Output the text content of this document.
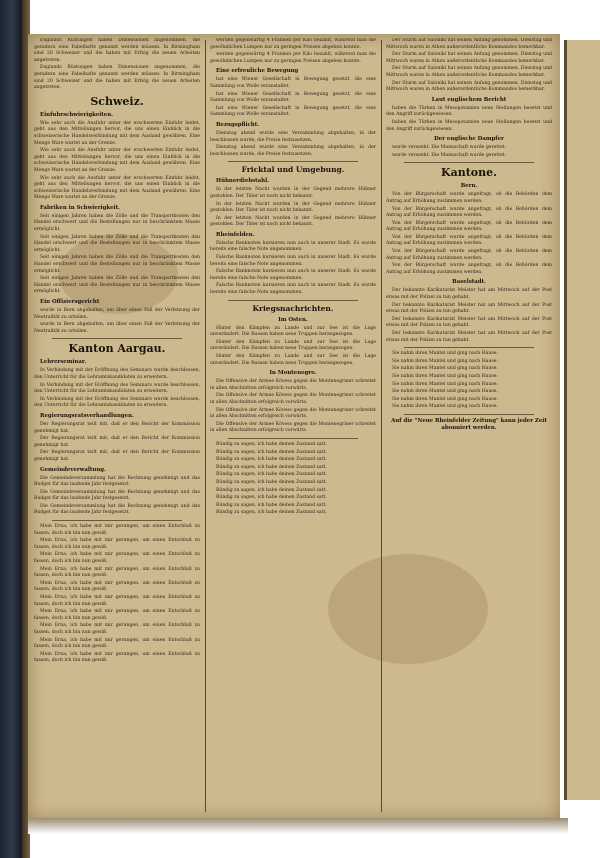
Englands Rüstungen haben Dimensionen angenommen, die geradezu eine Fabelhafte genannt werden müssen. In Birmingham sind 20 Schweizer und die haben mit Erfolg die neuen Arbeiten angetreten.

Englands Rüstungen haben Dimensionen angenommen, die geradezu eine Fabelhafte genannt werden müssen. In Birmingham sind 20 Schweizer und die haben mit Erfolg die neuen Arbeiten angetreten.

Schweiz.
Einfuhrschwierigkeiten.

Wie sehr auch die Ausfuhr unter der erschwerten Einfuhr leidet, geht aus den Mitteilungen hervor, die uns einen Einblick in die schweizerische Handelsverbindung mit dem Ausland gewähren. Eine Menge Ware wartet an der Grenze.

Wie sehr auch die Ausfuhr unter der erschwerten Einfuhr leidet, geht aus den Mitteilungen hervor, die uns einen Einblick in die schweizerische Handelsverbindung mit dem Ausland gewähren. Eine Menge Ware wartet an der Grenze.

Wie sehr auch die Ausfuhr unter der erschwerten Einfuhr leidet, geht aus den Mitteilungen hervor, die uns einen Einblick in die schweizerische Handelsverbindung mit dem Ausland gewähren. Eine Menge Ware wartet an der Grenze.

Fabriken in Schwierigkeit.

Seit einigen Jahren haben die Zölle und die Transportkosten den Handel erschwert und die Bestellungen nur in beschränktem Masse ermöglicht.

Seit einigen Jahren haben die Zölle und die Transportkosten den Handel erschwert und die Bestellungen nur in beschränktem Masse ermöglicht.

Seit einigen Jahren haben die Zölle und die Transportkosten den Handel erschwert und die Bestellungen nur in beschränktem Masse ermöglicht.

Seit einigen Jahren haben die Zölle und die Transportkosten den Handel erschwert und die Bestellungen nur in beschränktem Masse ermöglicht.

Ein Offiziersgericht

wurde in Bern abgehalten, um über einen Fall der Verletzung der Neutralität zu urteilen.

wurde in Bern abgehalten, um über einen Fall der Verletzung der Neutralität zu urteilen.

Kanton Aargau.
Lehrerseminar.

In Verbindung mit der Eröffnung des Seminars wurde beschlossen, den Unterricht für die Lehramtskandidaten zu erweitern.

In Verbindung mit der Eröffnung des Seminars wurde beschlossen, den Unterricht für die Lehramtskandidaten zu erweitern.

In Verbindung mit der Eröffnung des Seminars wurde beschlossen, den Unterricht für die Lehramtskandidaten zu erweitern.

Regierungsratsverhandlungen.

Der Regierungsrat teilt mit, daß er den Bericht der Kommission genehmigt hat.

Der Regierungsrat teilt mit, daß er den Bericht der Kommission genehmigt hat.

Der Regierungsrat teilt mit, daß er den Bericht der Kommission genehmigt hat.

Gemeindeverwaltung.

Die Gemeindeversammlung hat die Rechnung genehmigt und das Budget für das laufende Jahr festgesetzt.

Die Gemeindeversammlung hat die Rechnung genehmigt und das Budget für das laufende Jahr festgesetzt.

Die Gemeindeversammlung hat die Rechnung genehmigt und das Budget für das laufende Jahr festgesetzt.

Mein Erna, ich habe mit mir gerungen, um einen Entschluß zu fassen, doch ich bin nun gewiß.

Mein Erna, ich habe mit mir gerungen, um einen Entschluß zu fassen, doch ich bin nun gewiß.

Mein Erna, ich habe mit mir gerungen, um einen Entschluß zu fassen, doch ich bin nun gewiß.

Mein Erna, ich habe mit mir gerungen, um einen Entschluß zu fassen, doch ich bin nun gewiß.

Mein Erna, ich habe mit mir gerungen, um einen Entschluß zu fassen, doch ich bin nun gewiß.

Mein Erna, ich habe mit mir gerungen, um einen Entschluß zu fassen, doch ich bin nun gewiß.

Mein Erna, ich habe mit mir gerungen, um einen Entschluß zu fassen, doch ich bin nun gewiß.

Mein Erna, ich habe mit mir gerungen, um einen Entschluß zu fassen, doch ich bin nun gewiß.

Mein Erna, ich habe mit mir gerungen, um einen Entschluß zu fassen, doch ich bin nun gewiß.

Mein Erna, ich habe mit mir gerungen, um einen Entschluß zu fassen, doch ich bin nun gewiß.

werden gegenwärtig 4 Franken per Kilo bezahlt, während man die gewöhnlichen Lumpen nur zu geringen Preisen abgeben konnte.

werden gegenwärtig 4 Franken per Kilo bezahlt, während man die gewöhnlichen Lumpen nur zu geringen Preisen abgeben konnte.

Eine erfreuliche Bewegung

hat eine Wiener Gesellschaft in Bewegung gesetzt, die eine Sammlung von Wolle veranstaltet.

hat eine Wiener Gesellschaft in Bewegung gesetzt, die eine Sammlung von Wolle veranstaltet.

hat eine Wiener Gesellschaft in Bewegung gesetzt, die eine Sammlung von Wolle veranstaltet.

Bezugspflicht.

Dienstag abend wurde eine Versammlung abgehalten, in der beschlossen wurde, die Preise festzusetzen.

Dienstag abend wurde eine Versammlung abgehalten, in der beschlossen wurde, die Preise festzusetzen.

Fricktal und Umgebung.
Hühnerdiebstahl.

In der letzten Nacht wurden in der Gegend mehrere Hühner gestohlen. Der Täter ist noch nicht bekannt.

In der letzten Nacht wurden in der Gegend mehrere Hühner gestohlen. Der Täter ist noch nicht bekannt.

In der letzten Nacht wurden in der Gegend mehrere Hühner gestohlen. Der Täter ist noch nicht bekannt.

Rheinfelden.

Falsche Banknoten kursieren nun auch in unserer Stadt. Es wurde bereits eine falsche Note angenommen.

Falsche Banknoten kursieren nun auch in unserer Stadt. Es wurde bereits eine falsche Note angenommen.

Falsche Banknoten kursieren nun auch in unserer Stadt. Es wurde bereits eine falsche Note angenommen.

Falsche Banknoten kursieren nun auch in unserer Stadt. Es wurde bereits eine falsche Note angenommen.

Kriegsnachrichten.
Im Osten.

Hinter den Kämpfen zu Lande und zur See ist die Lage unverändert. Die Russen haben neue Truppen herangezogen.

Hinter den Kämpfen zu Lande und zur See ist die Lage unverändert. Die Russen haben neue Truppen herangezogen.

Hinter den Kämpfen zu Lande und zur See ist die Lage unverändert. Die Russen haben neue Truppen herangezogen.

In Montenegro.

Die Offensive der Armee Kövess gegen die Montenegriner schreitet in allen Abschnitten erfolgreich vorwärts.

Die Offensive der Armee Kövess gegen die Montenegriner schreitet in allen Abschnitten erfolgreich vorwärts.

Die Offensive der Armee Kövess gegen die Montenegriner schreitet in allen Abschnitten erfolgreich vorwärts.

Die Offensive der Armee Kövess gegen die Montenegriner schreitet in allen Abschnitten erfolgreich vorwärts.

Bündig zu sagen, ich habe deinen Zustand satt.

Bündig zu sagen, ich habe deinen Zustand satt.

Bündig zu sagen, ich habe deinen Zustand satt.

Bündig zu sagen, ich habe deinen Zustand satt.

Bündig zu sagen, ich habe deinen Zustand satt.

Bündig zu sagen, ich habe deinen Zustand satt.

Bündig zu sagen, ich habe deinen Zustand satt.

Bündig zu sagen, ich habe deinen Zustand satt.

Bündig zu sagen, ich habe deinen Zustand satt.

Bündig zu sagen, ich habe deinen Zustand satt.

Der Sturm auf Saloniki hat seinen Anfang genommen. Dienstag und Mittwoch waren in Athen außerordentliche Kommandos bemerkbar.

Der Sturm auf Saloniki hat seinen Anfang genommen. Dienstag und Mittwoch waren in Athen außerordentliche Kommandos bemerkbar.

Der Sturm auf Saloniki hat seinen Anfang genommen. Dienstag und Mittwoch waren in Athen außerordentliche Kommandos bemerkbar.

Der Sturm auf Saloniki hat seinen Anfang genommen. Dienstag und Mittwoch waren in Athen außerordentliche Kommandos bemerkbar.

Laut englischem Bericht

haben die Türken in Mesopotamien neue Stellungen besetzt und den Angriff zurückgewiesen.

haben die Türken in Mesopotamien neue Stellungen besetzt und den Angriff zurückgewiesen.

Der englische Dampfer

wurde versenkt. Die Mannschaft wurde gerettet.

wurde versenkt. Die Mannschaft wurde gerettet.

Kantone.
Bern.

Von der Bürgerschaft wurde angefragt, ob die Behörden dem Antrag auf Erhöhung zustimmen werden.

Von der Bürgerschaft wurde angefragt, ob die Behörden dem Antrag auf Erhöhung zustimmen werden.

Von der Bürgerschaft wurde angefragt, ob die Behörden dem Antrag auf Erhöhung zustimmen werden.

Von der Bürgerschaft wurde angefragt, ob die Behörden dem Antrag auf Erhöhung zustimmen werden.

Von der Bürgerschaft wurde angefragt, ob die Behörden dem Antrag auf Erhöhung zustimmen werden.

Von der Bürgerschaft wurde angefragt, ob die Behörden dem Antrag auf Erhöhung zustimmen werden.

Baselstadt.

Der bekannte Karikaturist Meister hat am Mittwoch auf der Post etwas mit der Polizei zu tun gehabt.

Der bekannte Karikaturist Meister hat am Mittwoch auf der Post etwas mit der Polizei zu tun gehabt.

Der bekannte Karikaturist Meister hat am Mittwoch auf der Post etwas mit der Polizei zu tun gehabt.

Der bekannte Karikaturist Meister hat am Mittwoch auf der Post etwas mit der Polizei zu tun gehabt.

Sie nahm ihren Mantel und ging nach Hause.

Sie nahm ihren Mantel und ging nach Hause.

Sie nahm ihren Mantel und ging nach Hause.

Sie nahm ihren Mantel und ging nach Hause.

Sie nahm ihren Mantel und ging nach Hause.

Sie nahm ihren Mantel und ging nach Hause.

Sie nahm ihren Mantel und ging nach Hause.

Sie nahm ihren Mantel und ging nach Hause.

Auf die "Neue Rheinfelder Zeitung" kann jeder Zeit abonniert werden.
